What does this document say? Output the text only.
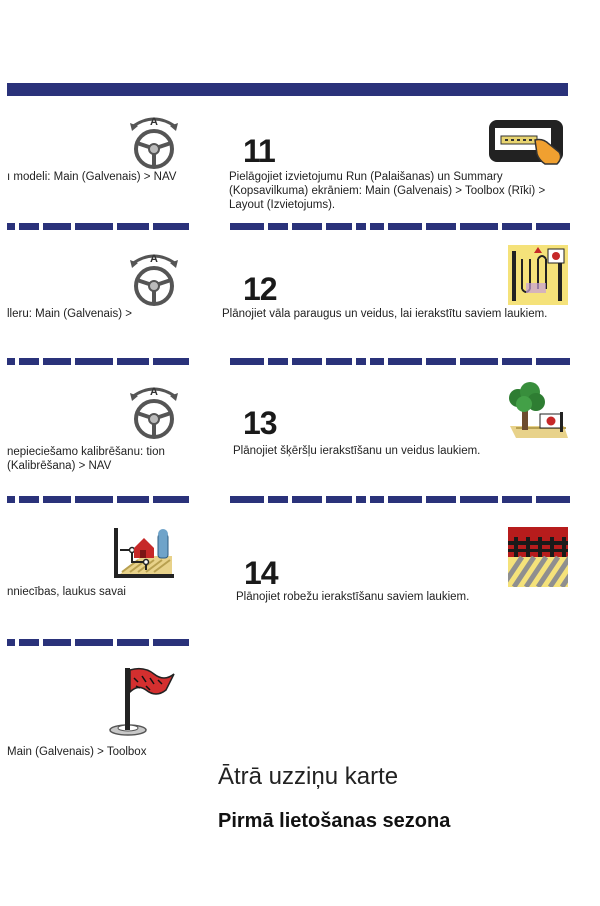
A
ı modeli: Main (Galvenais) > NAV
A
lleru: Main (Galvenais) >
A
nepieciešamo kalibrēšanu: tion (Kalibrēšana) > NAV
nniecības, laukus savai
Main (Galvenais) > Toolbox
11
Pielāgojiet izvietojumu Run (Palaišanas) un Summary (Kopsavilkuma) ekrāniem: Main (Galvenais) > Toolbox (Rīki) > Layout (Izvietojums).
12
Plānojiet vāla paraugus un veidus, lai ierakstītu saviem laukiem.
13
Plānojiet šķēršļu ierakstīšanu un veidus laukiem.
14
Plānojiet robežu ierakstīšanu saviem laukiem.
Ātrā uzziņu karte
Pirmā lietošanas sezona
